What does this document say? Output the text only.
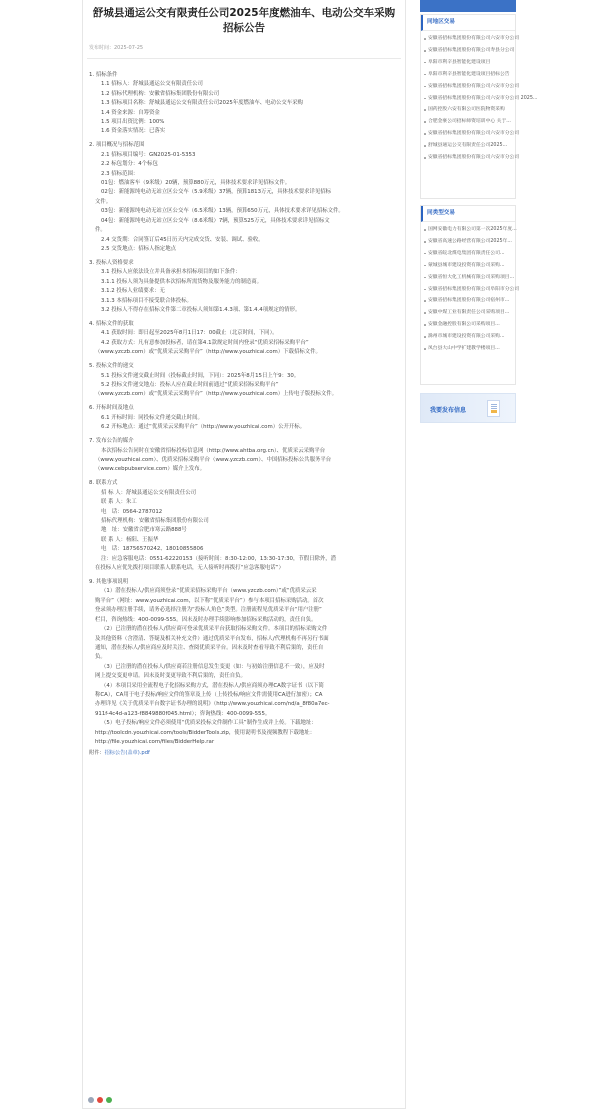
舒城县通运公交有限责任公司2025年度燃油车、电动公交车采购招标公告
发布时间：2025-07-25
1. 招标条件
1.1 招标人：舒城县通运公交有限责任公司
1.2 招标代理机构：安徽省招标集团股份有限公司
1.3 招标项目名称：舒城县通运公交有限责任公司2025年度燃油车、电动公交车采购
1.4 资金来源：自筹资金
1.5 项目出资比例：100%
1.6 资金落实情况：已落实
2. 项目概况与招标范围
2.1 招标项目编号：GN2025-01-5353
2.2 标包划分：4个标包
2.3 招标范围：
01包：燃油客车（9米级）20辆，预算880万元，具体技术要求详见招标文件。
02包：新能源纯电动无站立区公交车（5.9米级）37辆，预算1813万元，具体技术要求详见招标
文件。
03包：新能源纯电动无站立区公交车（6.5米级）13辆，预算650万元，具体技术要求详见招标文件。
04包：新能源纯电动无站立区公交车（8.6米级）7辆，预算525万元，具体技术要求详见招标文
件。
2.4 交货期：合同签订后45日历天内完成交货、安装、调试、验收。
2.5 交货地点：招标人指定地点
3. 投标人资格要求
3.1 投标人应依法设立并具备承担本招标项目的如下条件：
3.1.1 投标人须为具备提供本次招标所需货物及服务能力的制造商。
3.1.2 投标人业绩要求：无
3.1.3 本招标项目不接受联合体投标。
3.2 投标人不得存在招标文件第二章投标人须知第1.4.3项、第1.4.4项规定的情形。
4. 招标文件的获取
4.1 获取时间：即日起至2025年8月1日17：00截止（北京时间，下同）。
4.2 获取方式：凡有意参加投标者，请在第4.1款规定时间内登录“优质采招标采购平台”
（www.yzczb.com）或“优质采云采购平台”（http://www.youzhicai.com）下载招标文件。
5. 投标文件的递交
5.1 投标文件递交截止时间（投标截止时间，下同）：2025年8月15日上午9：30。
5.2 投标文件递交地点：投标人应在截止时间前通过“优质采招标采购平台”
（www.yzczb.com）或“优质采云采购平台”（http://www.youzhicai.com）上传电子版投标文件。
6. 开标时间及地点
6.1 开标时间：同投标文件递交截止时间。
6.2 开标地点：通过“优质采云采购平台”（http://www.youzhicai.com）公开开标。
7. 发布公告的媒介
本次招标公告同时在安徽省招标投标信息网（http://www.ahtba.org.cn）、优质采云采购平台
（www.youzhicai.com）、优质采招标采购平台（www.yzczb.com）、中国招标投标公共服务平台
（www.cebpubservice.com）媒介上发布。
8. 联系方式
招 标 人：舒城县通运公交有限责任公司
联 系 人：朱工
电　话：0564-2787012
招标代理机构：安徽省招标集团股份有限公司
地　址：安徽省合肥市寒云路888号
联 系 人：杨阳、王振华
电　话：18756570242、18010855806
注：应急客服电话：0551-62220153（接听时间：8:30-12:00，13:30-17:30，节假日除外，潜
在投标人应优先拨打项目联系人联系电话，无人接听时再拨打“应急客服电话”）
9. 其他事项说明
（1）潜在投标人/供应商须登录“优质采招标采购平台（www.yzczb.com）”或“优质采云采
购平台”（网址：www.youzhicai.com，以下称“优质采平台”）参与本项目招标采购活动。首次
登录须办理注册手续，请务必选择注册为“投标人角色”类型。注册流程见优质采平台“用户注册”
栏目，咨询热线：400-0099-555。因未及时办理手续影响参加招标采购活动的，责任自负。
（2）已注册的潜在投标人/供应商可登录优质采平台获取招标采购文件。本项目的招标采购文件
及其他资料（含澄清、答疑及相关补充文件）通过优质采平台发布，招标人/代理机构不再另行书面
通知，潜在投标人/供应商应及时关注、查阅优质采平台。因未及时查看导致不利后果的，责任自
负。
（3）已注册的潜在投标人/供应商若注册信息发生变更（如：与初始注册信息不一致），应及时
网上提交变更申请。因未及时变更导致不利后果的，责任自负。
（4）本项目采用全流程电子化招标采购方式，潜在投标人/供应商须办理CA数字证书（以下简
称CA），CA用于电子投标/响应文件的签章及上传（上传投标/响应文件需使用CA进行加密）；CA
办理详见《关于优质采平台数字证书办理的说明》（http://www.youzhicai.com/nd/a_8f80a7ec-
911f-4c4d-a123-f8849880f045.html）；咨询热线：400-0099-555。
（5）电子投标/响应文件必须使用“优质采投标文件制作工具”制作生成并上传。下载地址：
http://toolcdn.youzhicai.com/tools/BidderTools.zip，使用说明书及视频教程下载地址：
http://file.youzhicai.com/files/BidderHelp.rar
附件：招标公告(盖章).pdf
同地区交易
安徽省招标集团股份有限公司六安市分公司
安徽省招标集团股份有限公司寿县分公司
阜阳市利辛县智能化建设项目
阜阳市利辛县智能化建设项目招标公告
安徽省招标集团股份有限公司六安市分公司
安徽省招标集团股份有限公司六安市分公司 2025...
国药控股六安有限公司医院物资采购
合肥金豪公司招标师资培训中心 关于...
安徽省招标集团股份有限公司六安市分公司
舒城县通运公交有限责任公司2025...
安徽省招标集团股份有限公司六安市分公司
同类型交易
国网安徽电力有限公司第一次2025年度...
安徽省高速公路经营有限公司2025年...
安徽省皖北煤电集团有限责任公司...
蒙城县城市建设投资有限公司采购...
安徽省恒大化工机械有限公司采购项目...
安徽省招标集团股份有限公司阜阳市分公司
安徽省招标集团股份有限公司宿州市...
安徽中煤工业有限责任公司采购项目...
安徽金融控股有限公司采购项目...
滁州市城市建设投资有限公司采购...
凤台县大山中学扩建教学楼项目...
我要发布信息
